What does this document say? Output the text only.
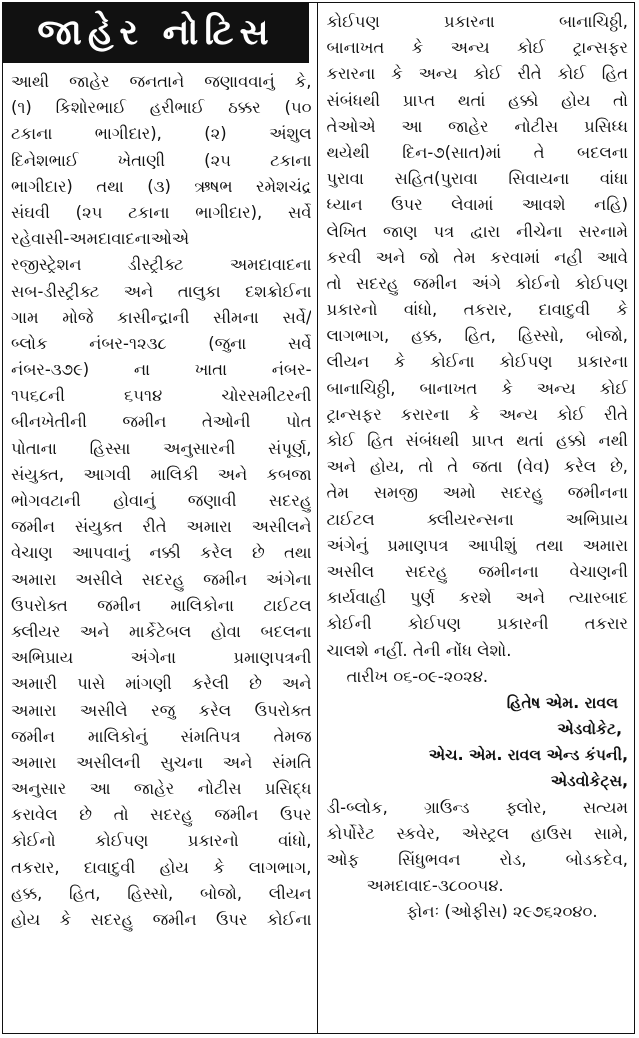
જાહેર નોટિસ
આથી જાહેર જનતાને જણાવવાનું કે,
(૧) કિશોરભાઈ હરીભાઈ ઠક્કર (૫૦
ટકાના ભાગીદાર), (૨) અંશુલ
દિનેશભાઈ ખેતાણી (૨૫ ટકાના
ભાગીદાર) તથા (૩) ઋષભ રમેશચંદ્ર
સંઘવી (૨૫ ટકાના ભાગીદાર), સર્વે
રહેવાસી-અમદાવાદનાઓએ
રજીસ્ટ્રેશન ડીસ્ટ્રીક્ટ અમદાવાદના
સબ-ડીસ્ટ્રીક્ટ અને તાલુકા દશક્રોઈના
ગામ મોજે કાસીન્દ્રાની સીમના સર્વે/
બ્લોક નંબર-૧૨૩૮ (જુના સર્વે
નંબર-૩૭૯) ના ખાતા નંબર-
૧૫૬૮ની ૬૫૧૪ ચોરસમીટરની
બીનખેતીની જમીન તેઓની પોત
પોતાના હિસ્સા અનુસારની સંપૂર્ણ,
સંયુક્ત, આગવી માલિકી અને કબજા
ભોગવટાની હોવાનું જણાવી સદરહુ
જમીન સંયુક્ત રીતે અમારા અસીલને
વેચાણ આપવાનું નક્કી કરેલ છે તથા
અમારા અસીલે સદરહુ જમીન અંગેના
ઉપરોક્ત જમીન માલિકોના ટાઈટલ
ક્લીયર અને માર્કેટેબલ હોવા બદલના
અભિપ્રાય અંગેના પ્રમાણપત્રની
અમારી પાસે માંગણી કરેલી છે અને
અમારા અસીલે રજુ કરેલ ઉપરોક્ત
જમીન માલિકોનું સંમતિપત્ર તેમજ
અમારા અસીલની સુચના અને સંમતિ
અનુસાર આ જાહેર નોટીસ પ્રસિદ્ધ
કરાવેલ છે તો સદરહુ જમીન ઉપર
કોઈનો કોઈપણ પ્રકારનો વાંધો,
તકરાર, દાવાદુવી હોય કે લાગભાગ,
હક્ક, હિત, હિસ્સો, બોજો, લીયન
હોય કે સદરહુ જમીન ઉપર કોઈના
કોઈપણ પ્રકારના બાનાચિઠ્ઠી,
બાનાખત કે અન્ય કોઈ ટ્રાન્સફર
કરારના કે અન્ય કોઈ રીતે કોઈ હિત
સંબંધથી પ્રાપ્ત થતાં હક્કો હોય તો
તેઓએ આ જાહેર નોટીસ પ્રસિધ્ધ
થયેથી દિન-૭(સાત)માં તે બદલના
પુરાવા સહિત(પુરાવા સિવાયના વાંધા
ધ્યાન ઉપર લેવામાં આવશે નહિ)
લેખિત જાણ પત્ર દ્વારા નીચેના સરનામે
કરવી અને જો તેમ કરવામાં નહી આવે
તો સદરહુ જમીન અંગે કોઈનો કોઈપણ
પ્રકારનો વાંધો, તકરાર, દાવાદુવી કે
લાગભાગ, હક્ક, હિત, હિસ્સો, બોજો,
લીયન કે કોઈના કોઈપણ પ્રકારના
બાનાચિઠ્ઠી, બાનાખત કે અન્ય કોઈ
ટ્રાન્સફર કરારના કે અન્ય કોઈ રીતે
કોઈ હિત સંબંધથી પ્રાપ્ત થતાં હક્કો નથી
અને હોય, તો તે જતા (વેવ) કરેલ છે,
તેમ સમજી અમો સદરહુ જમીનના
ટાઈટલ ક્લીયરન્સના અભિપ્રાય
અંગેનું પ્રમાણપત્ર આપીશું તથા અમારા
અસીલ સદરહુ જમીનના વેચાણની
કાર્યવાહી પુર્ણ કરશે અને ત્યારબાદ
કોઈની કોઈપણ પ્રકારની તકરાર
ચાલશે નહીં. તેની નોંધ લેશો.
તારીખ ૦૬-૦૯-૨૦૨૪.
હિતેષ એમ. રાવલ
એડવોકેટ,
એચ. એમ. રાવલ એન્ડ કંપની,
એડવોકેટ્સ,
ડી-બ્લોક, ગ્રાઉન્ડ ફ્લોર, સત્યમ
કોર્પોરેટ સ્કવેર, એસ્ટ્રલ હાઉસ સામે,
ઓફ સિંધુભવન રોડ, બોડકદેવ,
અમદાવાદ-૩૮૦૦૫૪.
ફોનઃ (ઓફીસ) ૨૯૭૬૨૦૪૦.
